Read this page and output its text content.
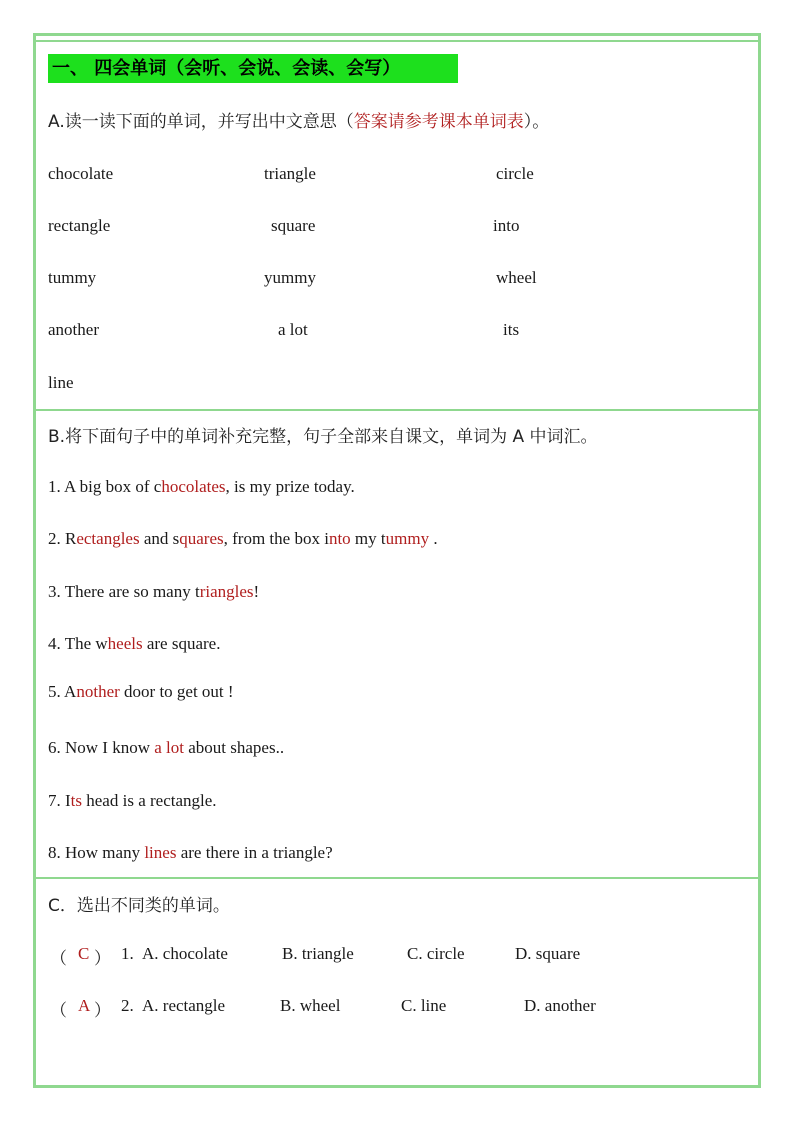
一、 四会单词（会听、会说、会读、会写）
A.读一读下面的单词，并写出中文意思（答案请参考课本单词表）。
chocolate	triangle	circle
rectangle	square	into
tummy	yummy	wheel
another	a lot	its
line
B.将下面句子中的单词补充完整，句子全部来自课文，单词为 A 中词汇。
1. A big box of chocolates, is my prize today.
2. Rectangles and squares, from the box into my tummy .
3. There are so many triangles!
4. The wheels are square.
5. Another door to get out !
6. Now I know a lot about shapes..
7. Its head is a rectangle.
8. How many lines are there in a triangle?
C．选出不同类的单词。
（ C ） 1. A. chocolate	B. triangle	C. circle	D. square
（ A ） 2. A. rectangle	B. wheel	C. line	D. another
